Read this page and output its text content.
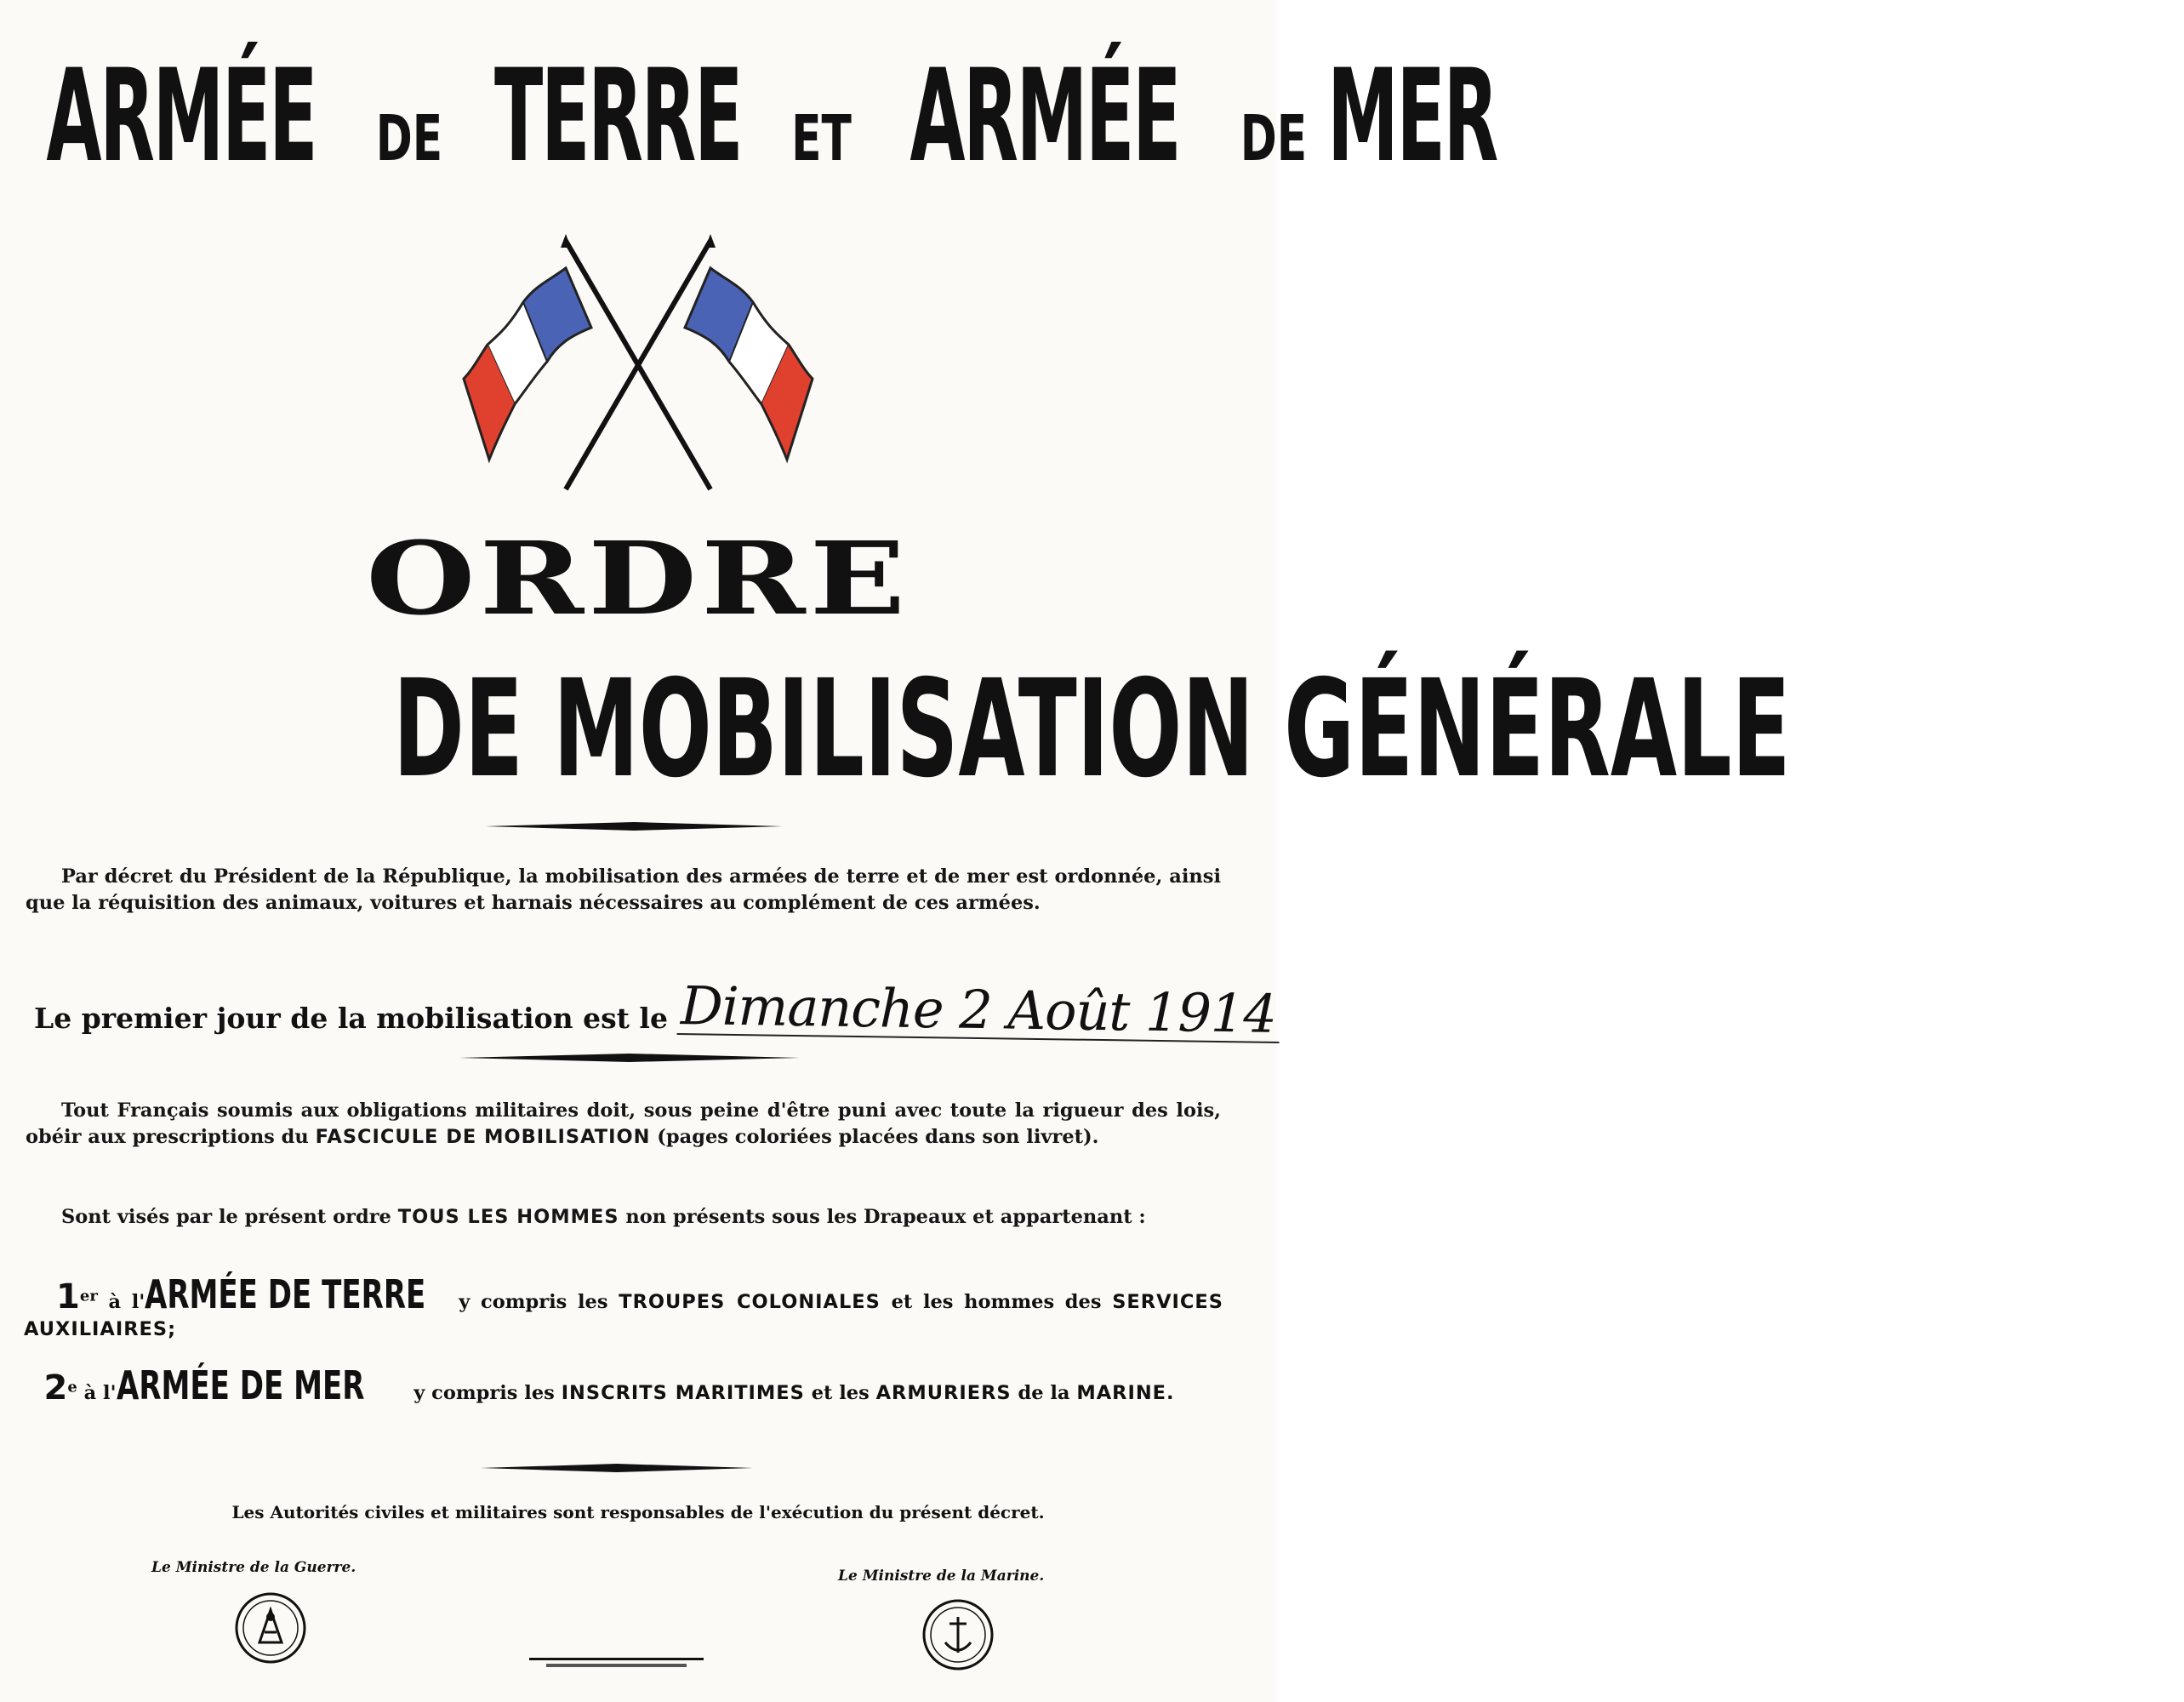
ARMÉE DE TERRE ET ARMÉE DE MER
ORDRE
DE MOBILISATION GÉNÉRALE
Par décret du Président de la République, la mobilisation des armées de terre et de mer est ordonnée, ainsi que la réquisition des animaux, voitures et harnais nécessaires au complément de ces armées.
Le premier jour de la mobilisation est le Dimanche 2 Août 1914
Tout Français soumis aux obligations militaires doit, sous peine d'être puni avec toute la rigueur des lois, obéir aux prescriptions du FASCICULE DE MOBILISATION (pages coloriées placées dans son livret).
Sont visés par le présent ordre TOUS LES HOMMES non présents sous les Drapeaux et appartenant :
1er à l'ARMÉE DE TERRE y compris les TROUPES COLONIALES et les hommes des SERVICES AUXILIAIRES;
2e à l'ARMÉE DE MER	y compris les INSCRITS MARITIMES et les ARMURIERS de la MARINE.
Les Autorités civiles et militaires sont responsables de l'exécution du présent décret.
Le Ministre de la Guerre.	Le Ministre de la Marine.
